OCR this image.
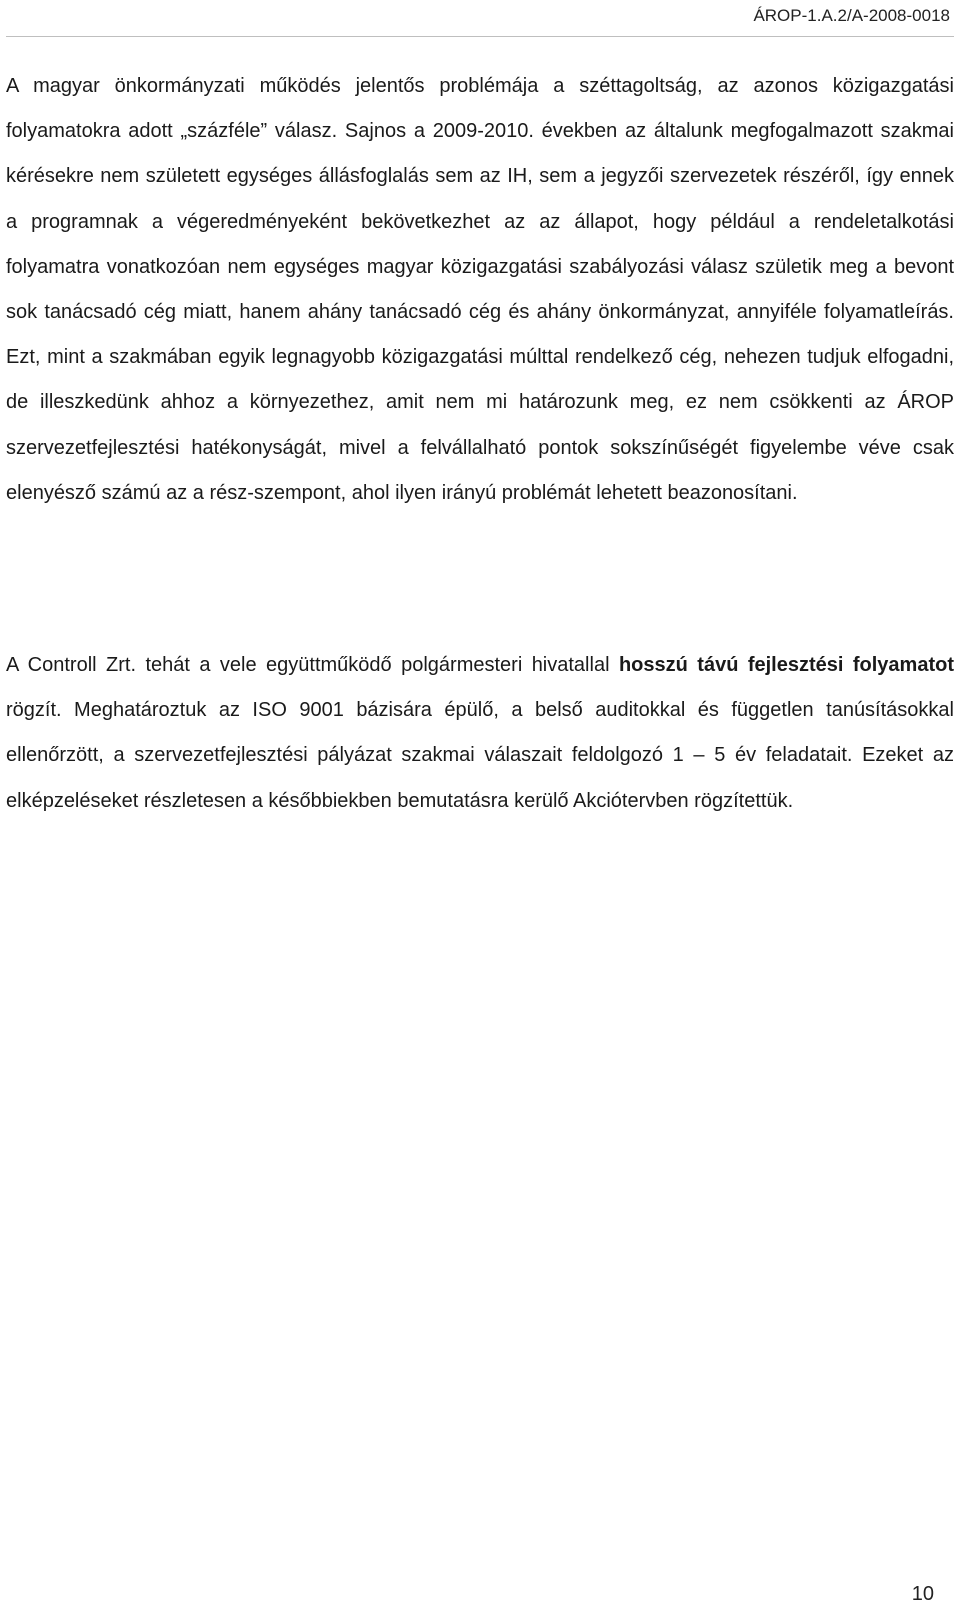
ÁROP-1.A.2/A-2008-0018

A magyar önkormányzati működés jelentős problémája a széttagoltság, az azonos közigazgatási folyamatokra adott „százféle” válasz. Sajnos a 2009-2010. években az általunk megfogalmazott szakmai kérésekre nem született egységes állásfoglalás sem az IH, sem a jegyzői szervezetek részéről, így ennek a programnak a végeredményeként bekövetkezhet az az állapot, hogy például a rendeletalkotási folyamatra vonatkozóan nem egységes magyar közigazgatási szabályozási válasz születik meg a bevont sok tanácsadó cég miatt, hanem ahány tanácsadó cég és ahány önkormányzat, annyiféle folyamatleírás. Ezt, mint a szakmában egyik legnagyobb közigazgatási múlttal rendelkező cég, nehezen tudjuk elfogadni, de illeszkedünk ahhoz a környezethez, amit nem mi határozunk meg, ez nem csökkenti az ÁROP szervezetfejlesztési hatékonyságát, mivel a felvállalható pontok sokszínűségét figyelembe véve csak elenyésző számú az a rész-szempont, ahol ilyen irányú problémát lehetett beazonosítani.

A Controll Zrt. tehát a vele együttműködő polgármesteri hivatallal hosszú távú fejlesztési folyamatot rögzít. Meghatároztuk az ISO 9001 bázisára épülő, a belső auditokkal és független tanúsításokkal ellenőrzött, a szervezetfejlesztési pályázat szakmai válaszait feldolgozó 1 – 5 év feladatait. Ezeket az elképzeléseket részletesen a későbbiekben bemutatásra kerülő Akciótervben rögzítettük.

10
